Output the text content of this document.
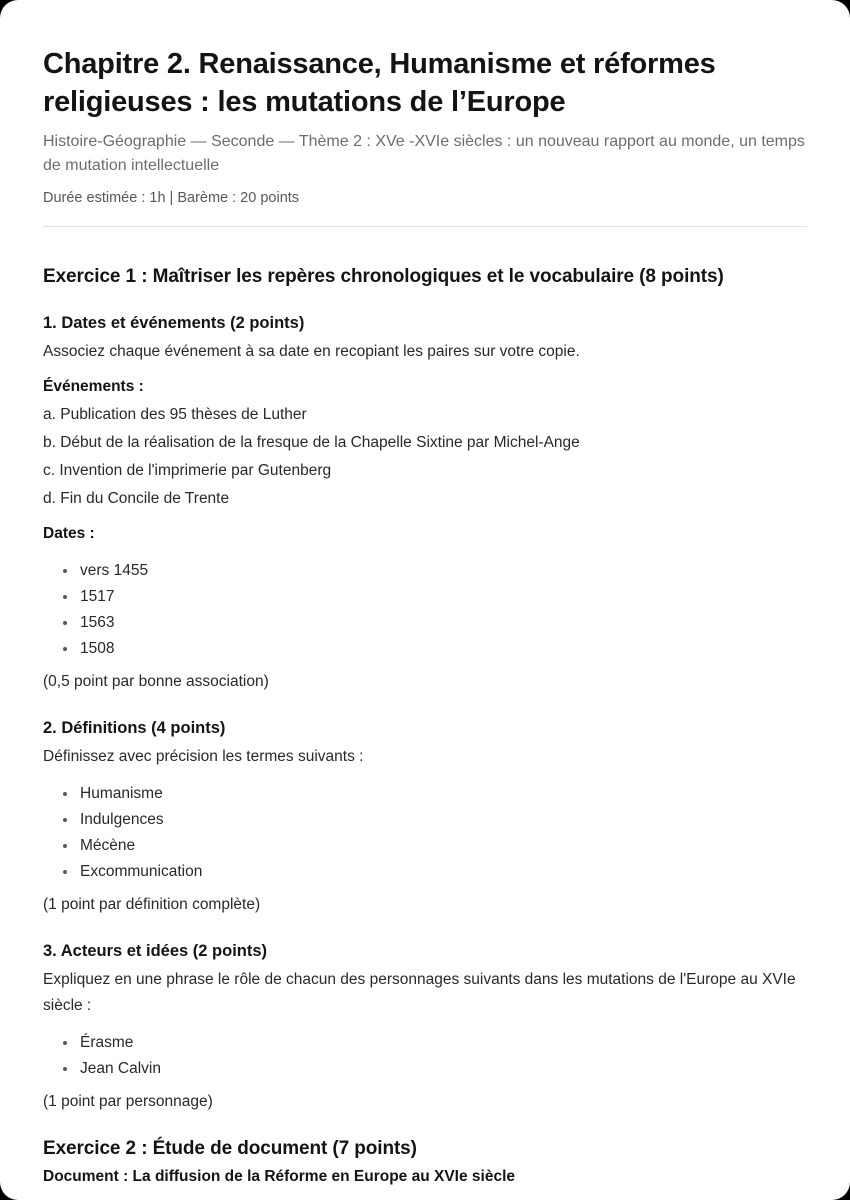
Chapitre 2. Renaissance, Humanisme et réformes religieuses : les mutations de l’Europe

Histoire-Géographie — Seconde — Thème 2 : XVe -XVIe siècles : un nouveau rapport au monde, un temps de mutation intellectuelle

Durée estimée : 1h | Barème : 20 points

Exercice 1 : Maîtriser les repères chronologiques et le vocabulaire (8 points)
1. Dates et événements (2 points)

Associez chaque événement à sa date en recopiant les paires sur votre copie.

Événements :

a. Publication des 95 thèses de Luther

b. Début de la réalisation de la fresque de la Chapelle Sixtine par Michel-Ange

c. Invention de l'imprimerie par Gutenberg

d. Fin du Concile de Trente

Dates :

vers 1455
1517
1563
1508

(0,5 point par bonne association)

2. Définitions (4 points)

Définissez avec précision les termes suivants :

Humanisme
Indulgences
Mécène
Excommunication

(1 point par définition complète)

3. Acteurs et idées (2 points)

Expliquez en une phrase le rôle de chacun des personnages suivants dans les mutations de l'Europe au XVIe siècle :

Érasme
Jean Calvin

(1 point par personnage)

Exercice 2 : Étude de document (7 points)

Document : La diffusion de la Réforme en Europe au XVIe siècle
